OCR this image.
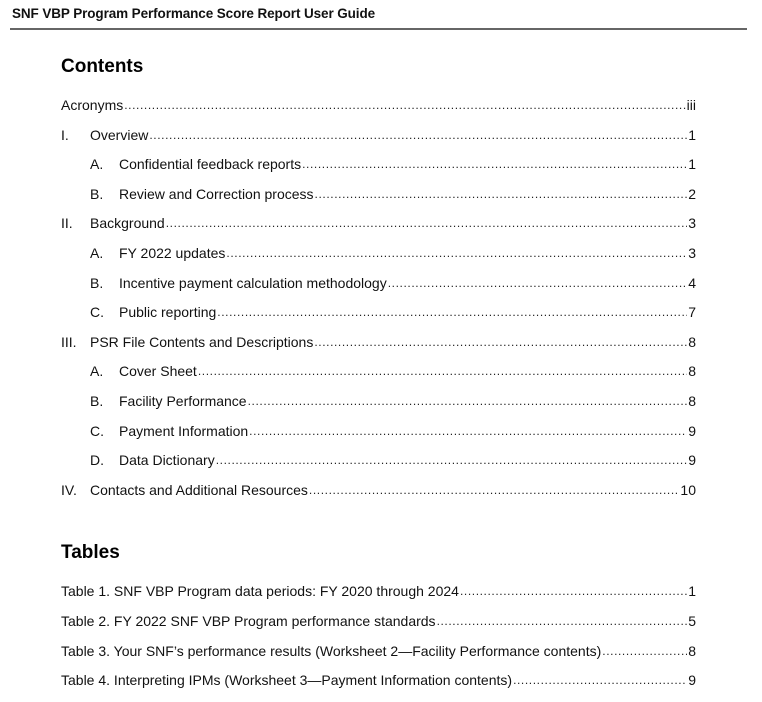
SNF VBP Program Performance Score Report User Guide
Contents
Acronyms .....	iii
I.	Overview .....	1
A.	Confidential feedback reports .....	1
B.	Review and Correction process .....	2
II.	Background .....	3
A.	FY 2022 updates .....	3
B.	Incentive payment calculation methodology .....	4
C.	Public reporting .....	7
III. PSR File Contents and Descriptions .....	8
A.	Cover Sheet .....	8
B.	Facility Performance .....	8
C.	Payment Information .....	9
D.	Data Dictionary .....	9
IV. Contacts and Additional Resources .....	10
Tables
Table 1. SNF VBP Program data periods: FY 2020 through 2024 .....	1
Table 2. FY 2022 SNF VBP Program performance standards .....	5
Table 3. Your SNF’s performance results (Worksheet 2—Facility Performance contents) .....	8
Table 4. Interpreting IPMs (Worksheet 3—Payment Information contents) .....	9
